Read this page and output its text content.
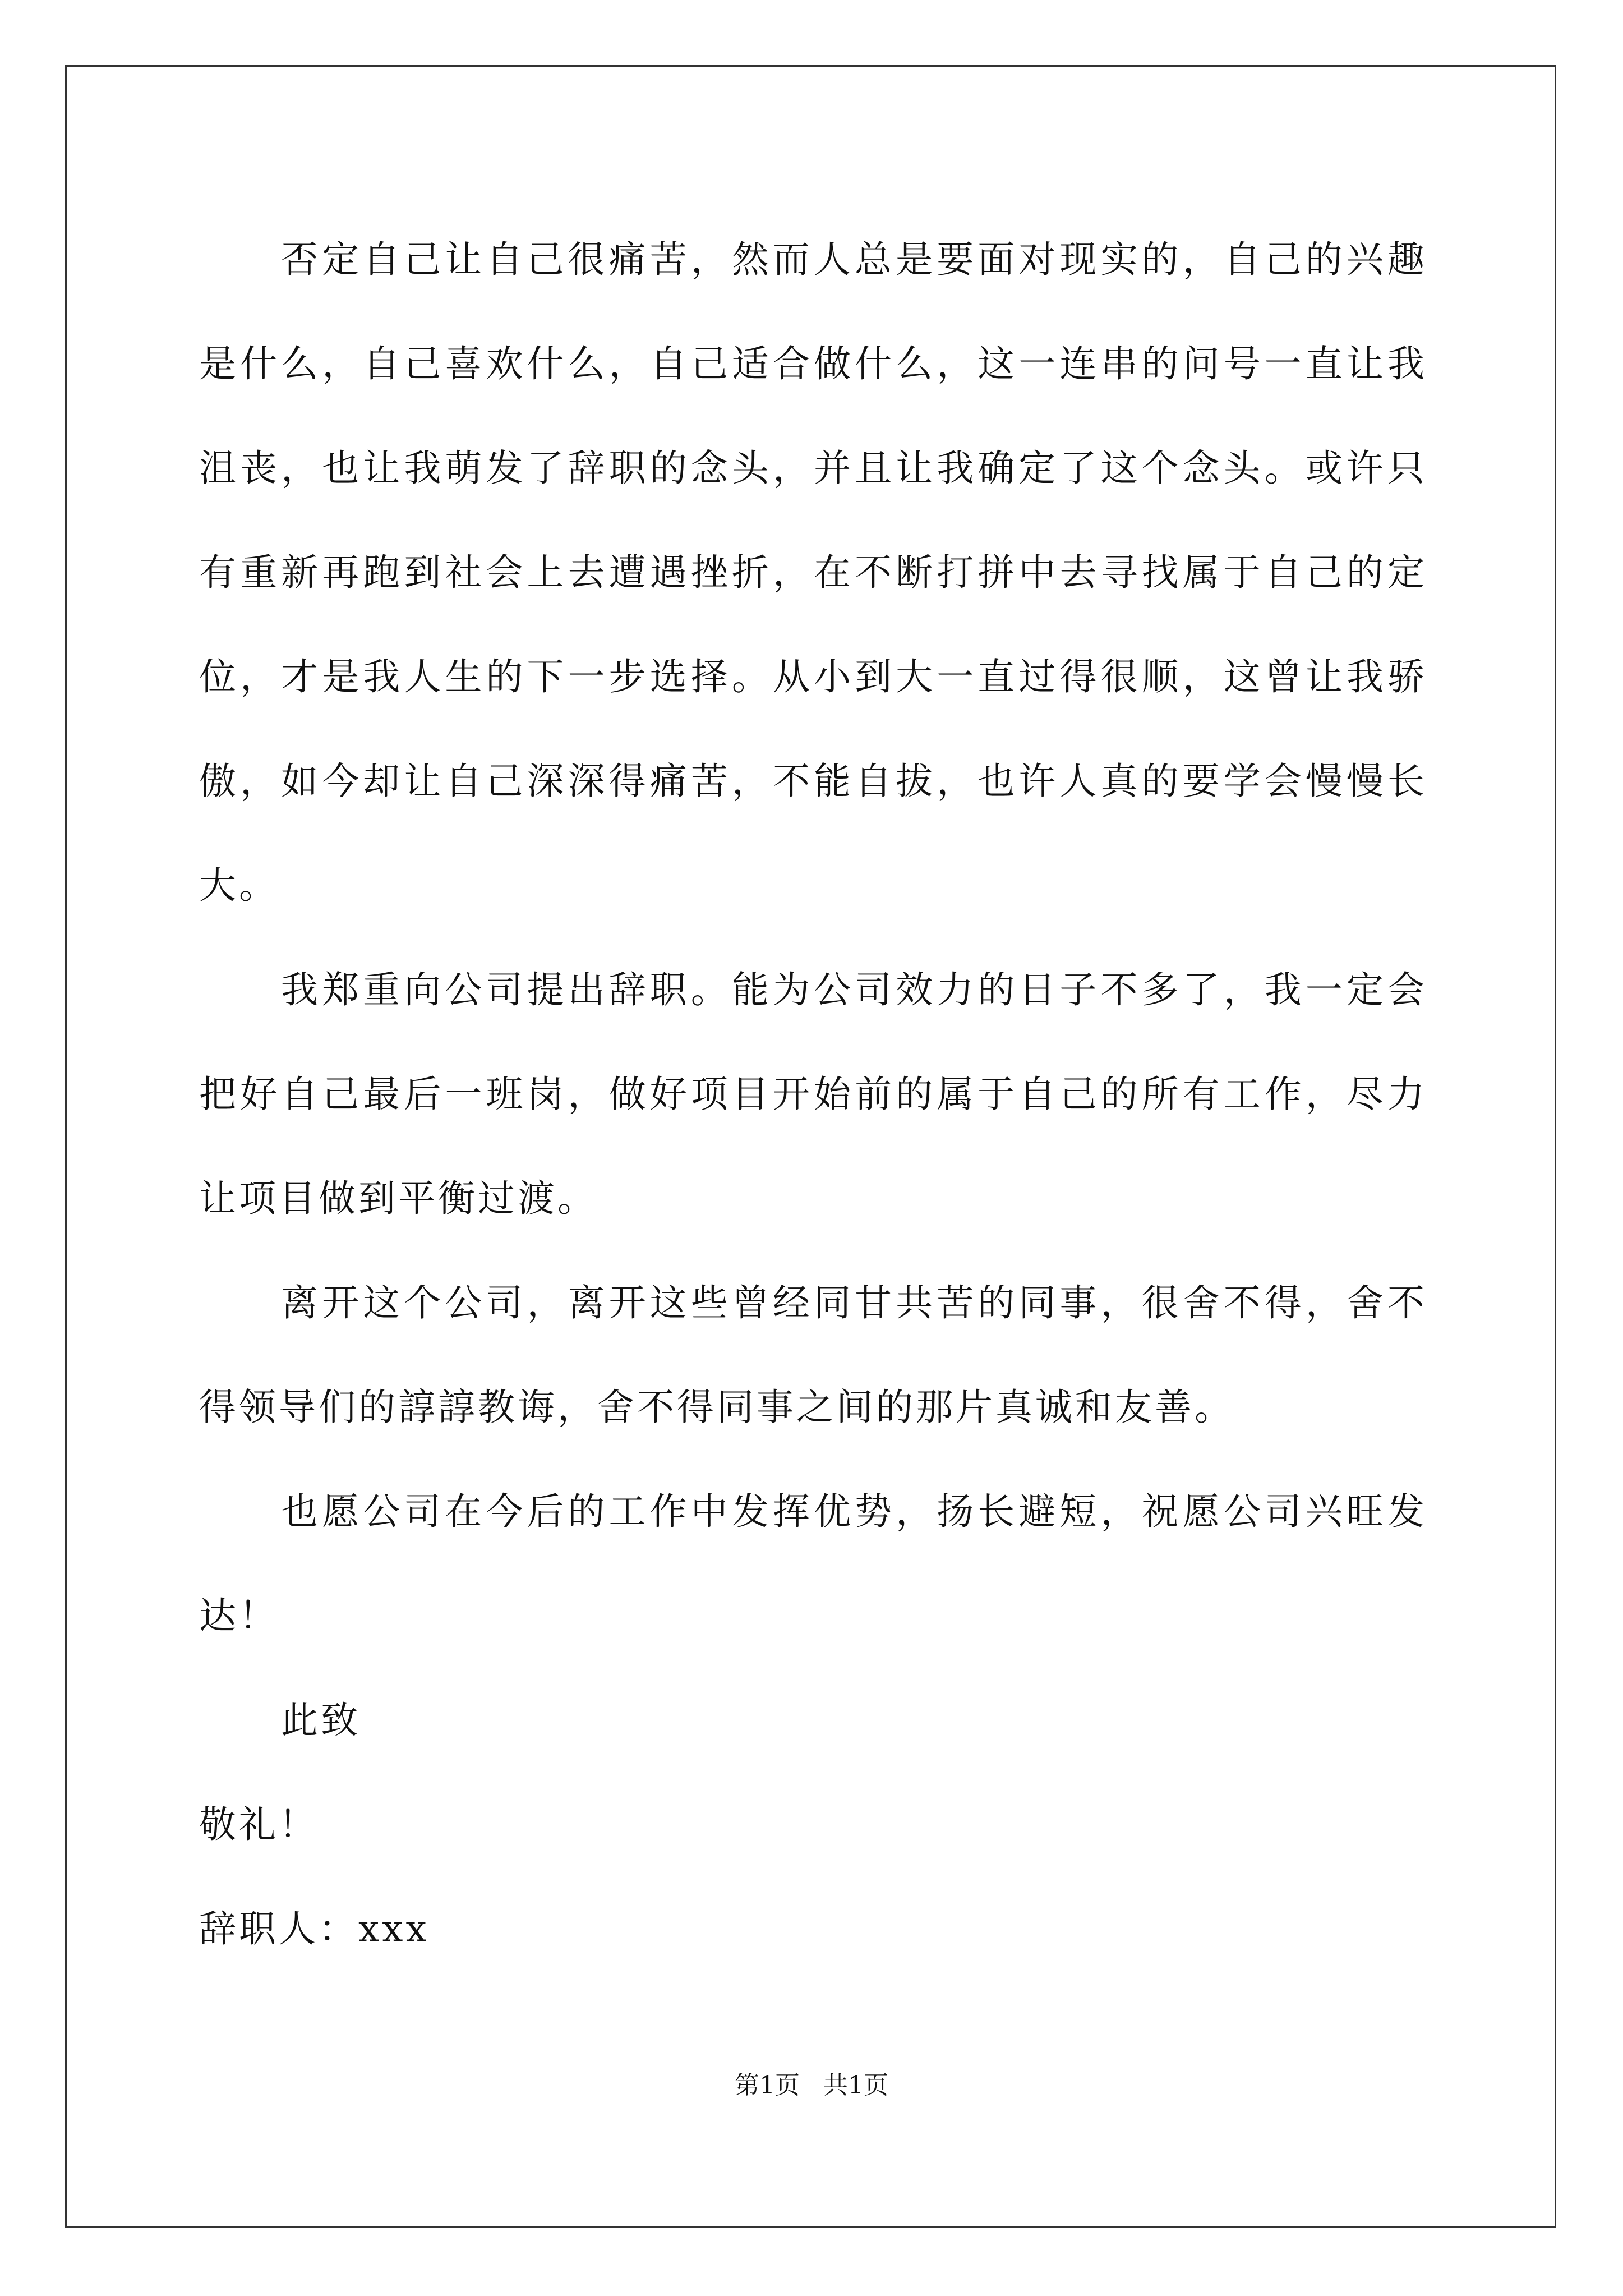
否定自己让自己很痛苦，然而人总是要面对现实的，自己的兴趣是什么，自己喜欢什么，自己适合做什么，这一连串的问号一直让我沮丧，也让我萌发了辞职的念头，并且让我确定了这个念头。或许只有重新再跑到社会上去遭遇挫折，在不断打拼中去寻找属于自己的定位，才是我人生的下一步选择。从小到大一直过得很顺，这曾让我骄傲，如今却让自己深深得痛苦，不能自拔，也许人真的要学会慢慢长大。

我郑重向公司提出辞职。能为公司效力的日子不多了，我一定会把好自己最后一班岗，做好项目开始前的属于自己的所有工作，尽力让项目做到平衡过渡。

离开这个公司，离开这些曾经同甘共苦的同事，很舍不得，舍不得领导们的諄諄教诲，舍不得同事之间的那片真诚和友善。

也愿公司在今后的工作中发挥优势，扬长避短，祝愿公司兴旺发达！

此致

敬礼！

辞职人：xxx

第1页 共1页
